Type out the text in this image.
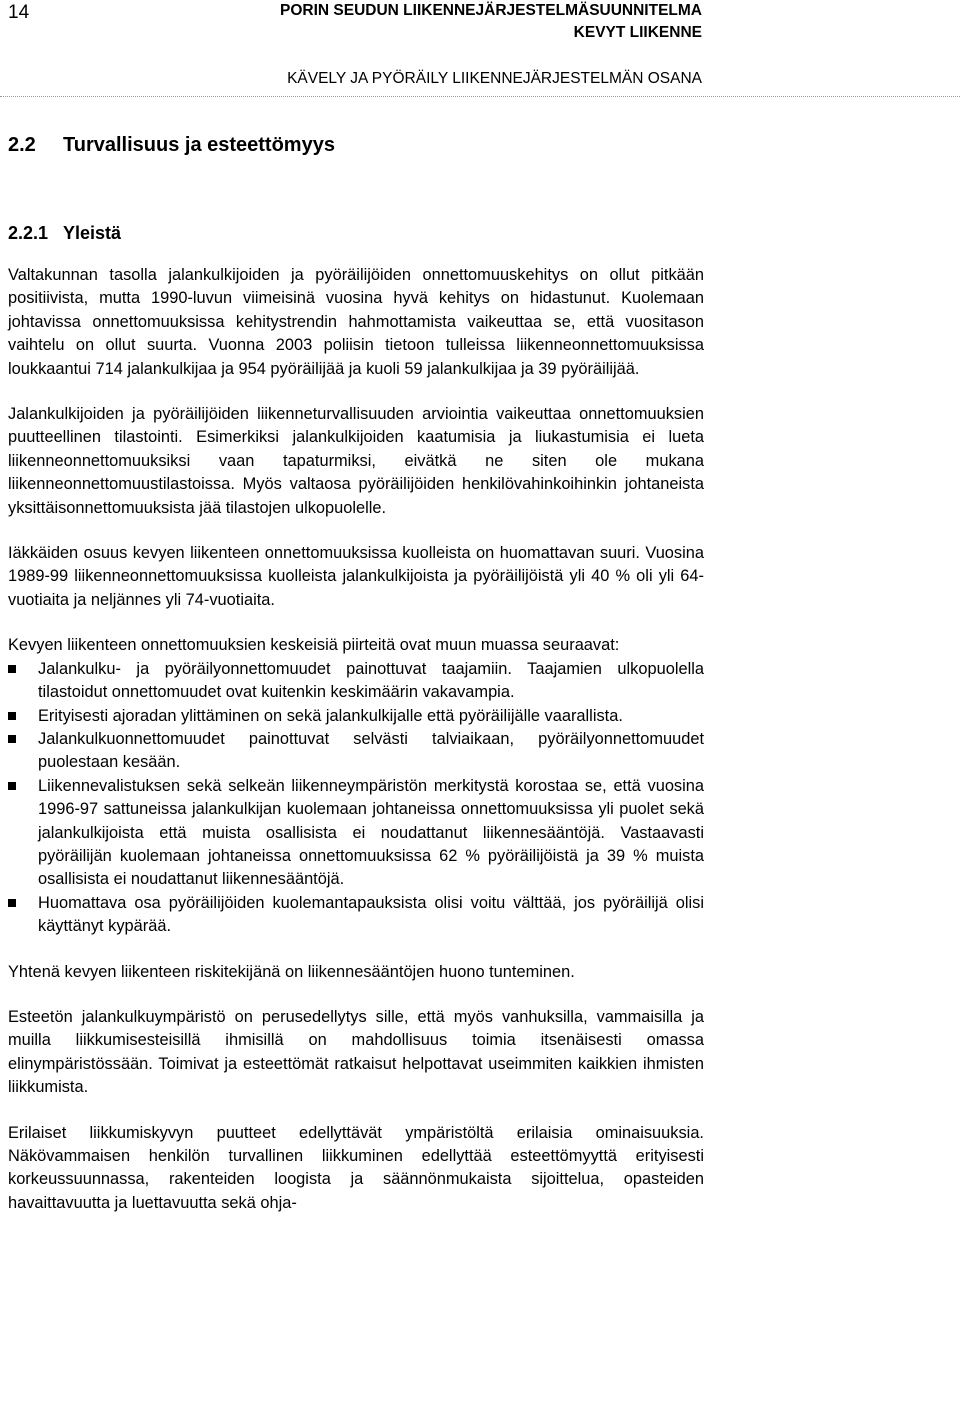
14	PORIN SEUDUN LIIKENNEJÄRJESTELMÄSUUNNITELMA
KEVYT LIIKENNE
KÄVELY JA PYÖRÄILY LIIKENNEJÄRJESTELMÄN OSANA
2.2 Turvallisuus ja esteettömyys
2.2.1 Yleistä

Valtakunnan tasolla jalankulkijoiden ja pyöräilijöiden onnettomuuskehitys on ollut pitkään positiivista, mutta 1990-luvun viimeisinä vuosina hyvä kehitys on hidastunut. Kuolemaan johtavissa onnettomuuksissa kehitystrendin hahmottamista vaikeuttaa se, että vuositason vaihtelu on ollut suurta. Vuonna 2003 poliisin tietoon tulleissa liikenneonnettomuuksissa loukkaantui 714 jalankulkijaa ja 954 pyöräilijää ja kuoli 59 jalankulkijaa ja 39 pyöräilijää.

Jalankulkijoiden ja pyöräilijöiden liikenneturvallisuuden arviointia vaikeuttaa onnettomuuksien puutteellinen tilastointi. Esimerkiksi jalankulkijoiden kaatumisia ja liukastumisia ei lueta liikenneonnettomuuksiksi vaan tapaturmiksi, eivätkä ne siten ole mukana liikenneonnettomuustilastoissa. Myös valtaosa pyöräilijöiden henkilövahinkoihinkin johtaneista yksittäisonnettomuuksista jää tilastojen ulkopuolelle.

Iäkkäiden osuus kevyen liikenteen onnettomuuksissa kuolleista on huomattavan suuri. Vuosina 1989-99 liikenneonnettomuuksissa kuolleista jalankulkijoista ja pyöräilijöistä yli 40 % oli yli 64-vuotiaita ja neljännes yli 74-vuotiaita.

Kevyen liikenteen onnettomuuksien keskeisiä piirteitä ovat muun muassa seuraavat:

Jalankulku- ja pyöräilyonnettomuudet painottuvat taajamiin. Taajamien ulkopuolella tilastoidut onnettomuudet ovat kuitenkin keskimäärin vakavampia.
Erityisesti ajoradan ylittäminen on sekä jalankulkijalle että pyöräilijälle vaarallista.
Jalankulkuonnettomuudet painottuvat selvästi talviaikaan, pyöräilyonnettomuudet puolestaan kesään.
Liikennevalistuksen sekä selkeän liikenneympäristön merkitystä korostaa se, että vuosina 1996-97 sattuneissa jalankulkijan kuolemaan johtaneissa onnettomuuksissa yli puolet sekä jalankulkijoista että muista osallisista ei noudattanut liikennesääntöjä. Vastaavasti pyöräilijän kuolemaan johtaneissa onnettomuuksissa 62 % pyöräilijöistä ja 39 % muista osallisista ei noudattanut liikennesääntöjä.
Huomattava osa pyöräilijöiden kuolemantapauksista olisi voitu välttää, jos pyöräilijä olisi käyttänyt kypärää.

Yhtenä kevyen liikenteen riskitekijänä on liikennesääntöjen huono tunteminen.

Esteetön jalankulkuympäristö on perusedellytys sille, että myös vanhuksilla, vammaisilla ja muilla liikkumisesteisillä ihmisillä on mahdollisuus toimia itsenäisesti omassa elinympäristössään. Toimivat ja esteettömät ratkaisut helpottavat useimmiten kaikkien ihmisten liikkumista.

Erilaiset liikkumiskyvyn puutteet edellyttävät ympäristöltä erilaisia ominaisuuksia. Näkövammaisen henkilön turvallinen liikkuminen edellyttää esteettömyyttä erityisesti korkeussuunnassa, rakenteiden loogista ja säännönmukaista sijoittelua, opasteiden havaittavuutta ja luettavuutta sekä ohja-
